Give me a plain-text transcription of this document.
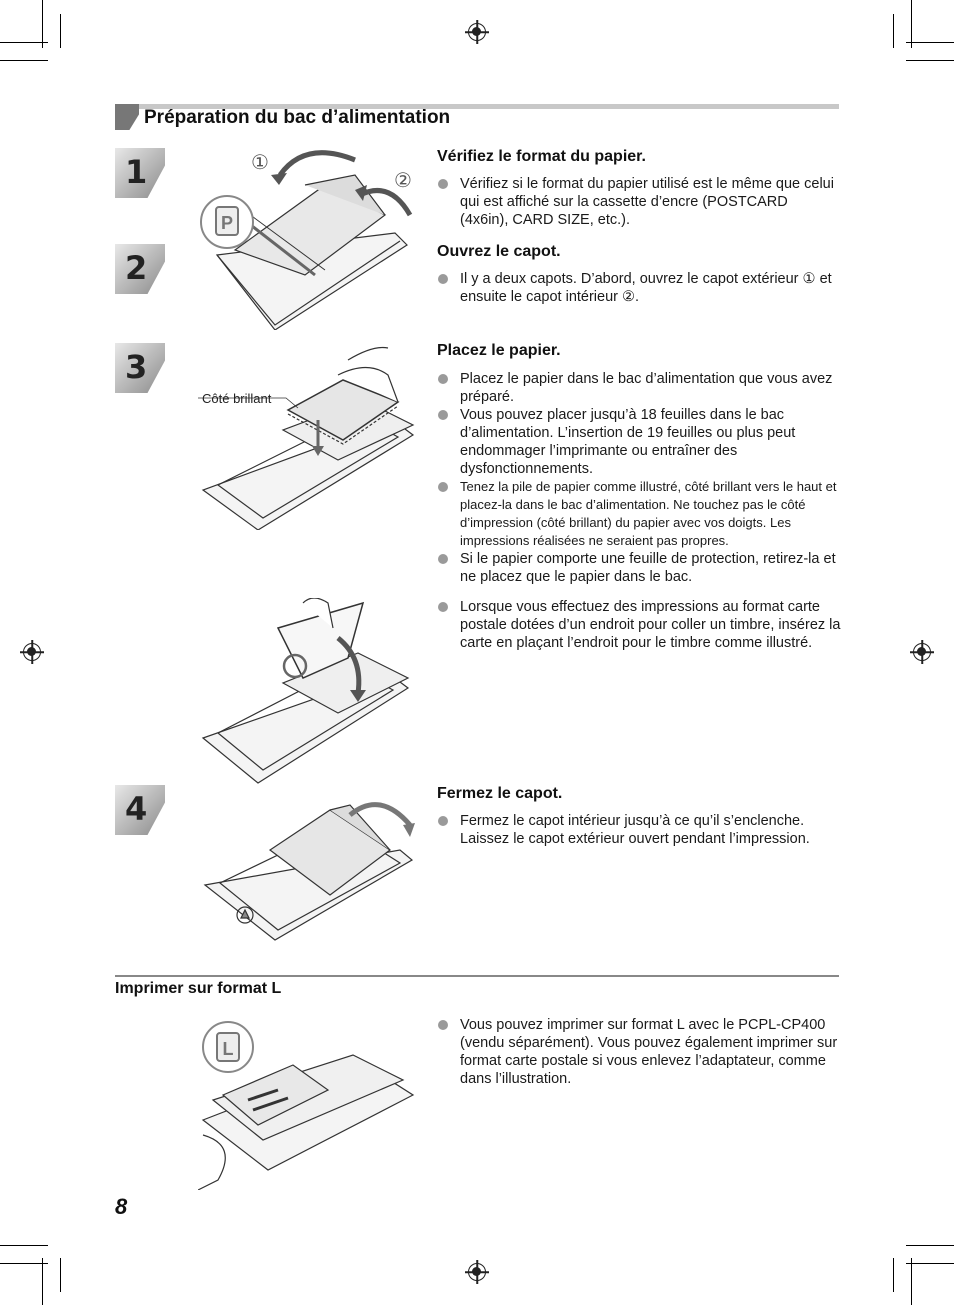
Préparation du bac d’alimentation
1
2
3
4
P
①
②
Vérifiez le format du papier.
Vérifiez si le format du papier utilisé est le même que celui qui est affiché sur la cassette d’encre (POSTCARD (4x6in), CARD SIZE, etc.).
Ouvrez le capot.
Il y a deux capots. D’abord, ouvrez le capot extérieur ① et ensuite le capot intérieur ②.
Côté brillant
Placez le papier.
Placez le papier dans le bac d’alimentation que vous avez préparé.
Vous pouvez placer jusqu’à 18 feuilles dans le bac d’alimentation. L’insertion de 19 feuilles ou plus peut endommager l’imprimante ou entraîner des dysfonctionnements.
Tenez la pile de papier comme illustré, côté brillant vers le haut et placez-la dans le bac d’alimentation. Ne touchez pas le côté d’impression (côté brillant) du papier avec vos doigts. Les impressions réalisées ne seraient pas propres.
Si le papier comporte une feuille de protection, retirez-la et ne placez que le papier dans le bac.
Lorsque vous effectuez des impressions au format carte postale dotées d’un endroit pour coller un timbre, insérez la carte en plaçant l’endroit pour le timbre comme illustré.
Fermez le capot.
Fermez le capot intérieur jusqu’à ce qu’il s’enclenche. Laissez le capot extérieur ouvert pendant l’impression.
Imprimer sur format L
L
Vous pouvez imprimer sur format L avec le PCPL-CP400 (vendu séparément). Vous pouvez également imprimer sur format carte postale si vous enlevez l’adaptateur, comme dans l’illustration.
8
